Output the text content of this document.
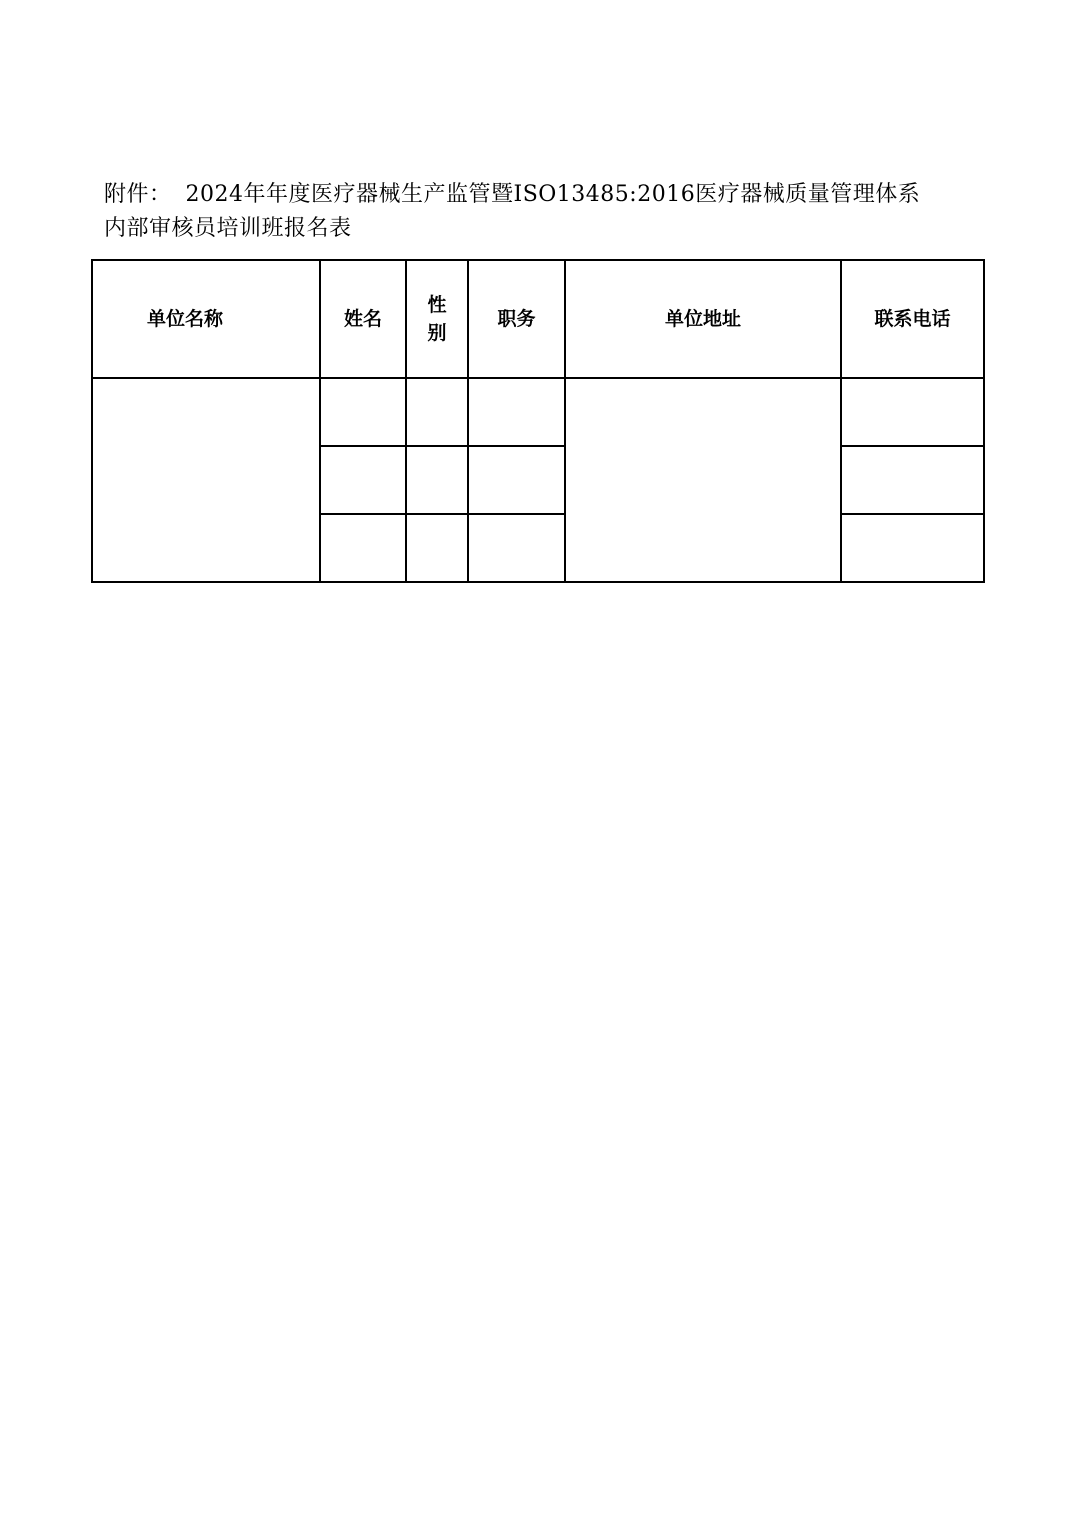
附件： 2024年年度医疗器械生产监管暨ISO13485:2016医疗器械质量管理体系
内部审核员培训班报名表
单位名称	姓名	性别	职务	单位地址	联系电话
